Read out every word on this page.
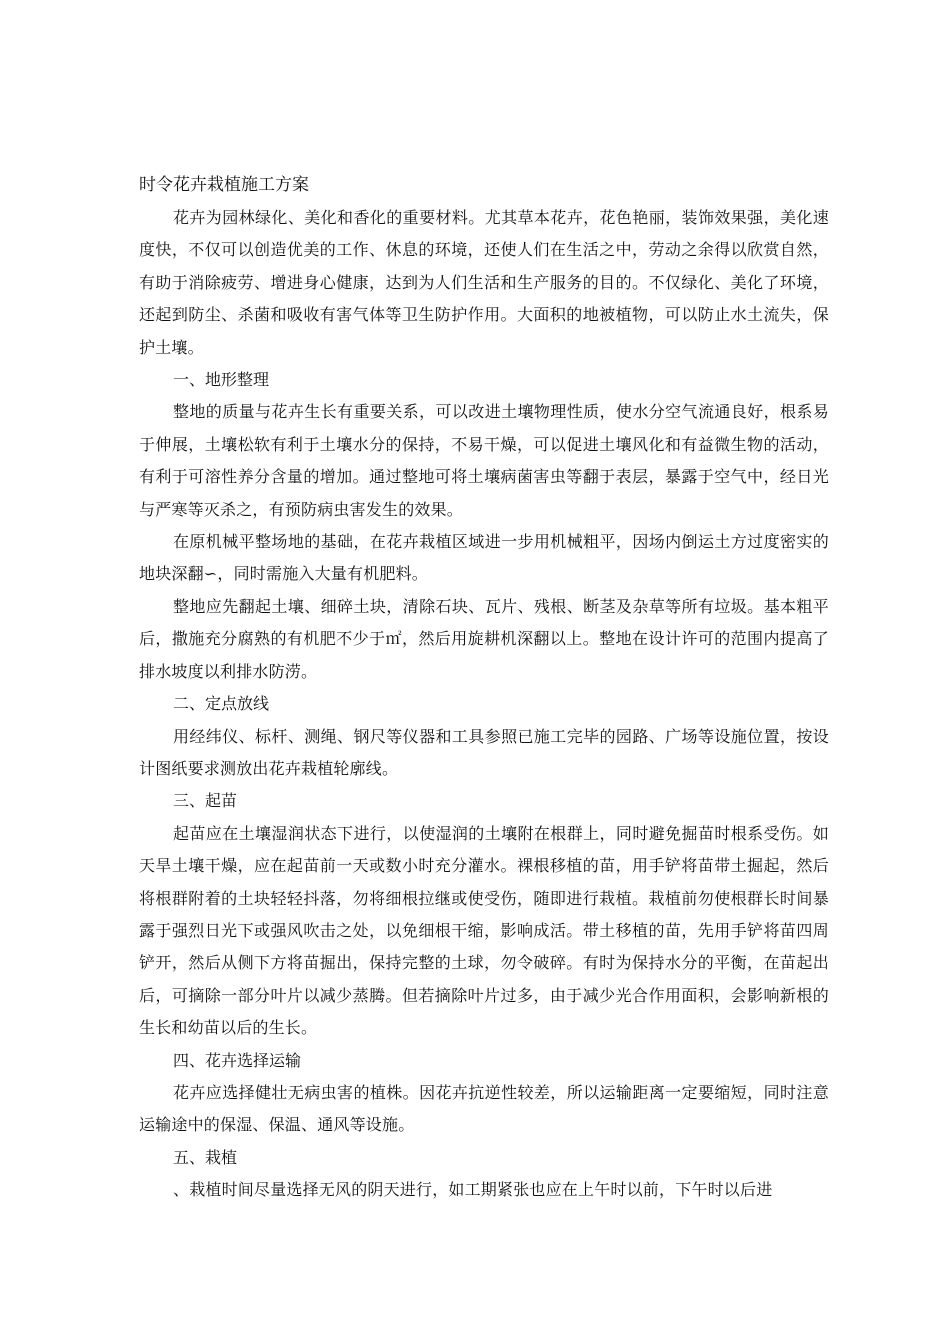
时令花卉栽植施工方案

花卉为园林绿化、美化和香化的重要材料。尤其草本花卉，花色艳丽，装饰效果强，美化速度快，不仅可以创造优美的工作、休息的环境，还使人们在生活之中，劳动之余得以欣赏自然，有助于消除疲劳、增进身心健康，达到为人们生活和生产服务的目的。不仅绿化、美化了环境，还起到防尘、杀菌和吸收有害气体等卫生防护作用。大面积的地被植物，可以防止水土流失，保护土壤。

一、地形整理

整地的质量与花卉生长有重要关系，可以改进土壤物理性质，使水分空气流通良好，根系易于伸展，土壤松软有利于土壤水分的保持，不易干燥，可以促进土壤风化和有益微生物的活动，有利于可溶性养分含量的增加。通过整地可将土壤病菌害虫等翻于表层，暴露于空气中，经日光与严寒等灭杀之，有预防病虫害发生的效果。

在原机械平整场地的基础，在花卉栽植区域进一步用机械粗平，因场内倒运土方过度密实的地块深翻∽，同时需施入大量有机肥料。

整地应先翻起土壤、细碎土块，清除石块、瓦片、残根、断茎及杂草等所有垃圾。基本粗平后，撒施充分腐熟的有机肥不少于㎡，然后用旋耕机深翻以上。整地在设计许可的范围内提高了排水坡度以利排水防涝。

二、定点放线

用经纬仪、标杆、测绳、钢尺等仪器和工具参照已施工完毕的园路、广场等设施位置，按设计图纸要求测放出花卉栽植轮廓线。

三、起苗

起苗应在土壤湿润状态下进行，以使湿润的土壤附在根群上，同时避免掘苗时根系受伤。如天旱土壤干燥，应在起苗前一天或数小时充分灌水。裸根移植的苗，用手铲将苗带土掘起，然后将根群附着的土块轻轻抖落，勿将细根拉继或使受伤，随即进行栽植。栽植前勿使根群长时间暴露于强烈日光下或强风吹击之处，以免细根干缩，影响成活。带土移植的苗，先用手铲将苗四周铲开，然后从侧下方将苗掘出，保持完整的土球，勿令破碎。有时为保持水分的平衡，在苗起出后，可摘除一部分叶片以减少蒸腾。但若摘除叶片过多，由于减少光合作用面积，会影响新根的生长和幼苗以后的生长。

四、花卉选择运输

花卉应选择健壮无病虫害的植株。因花卉抗逆性较差，所以运输距离一定要缩短，同时注意运输途中的保湿、保温、通风等设施。

五、栽植

、栽植时间尽量选择无风的阴天进行，如工期紧张也应在上午时以前，下午时以后进
